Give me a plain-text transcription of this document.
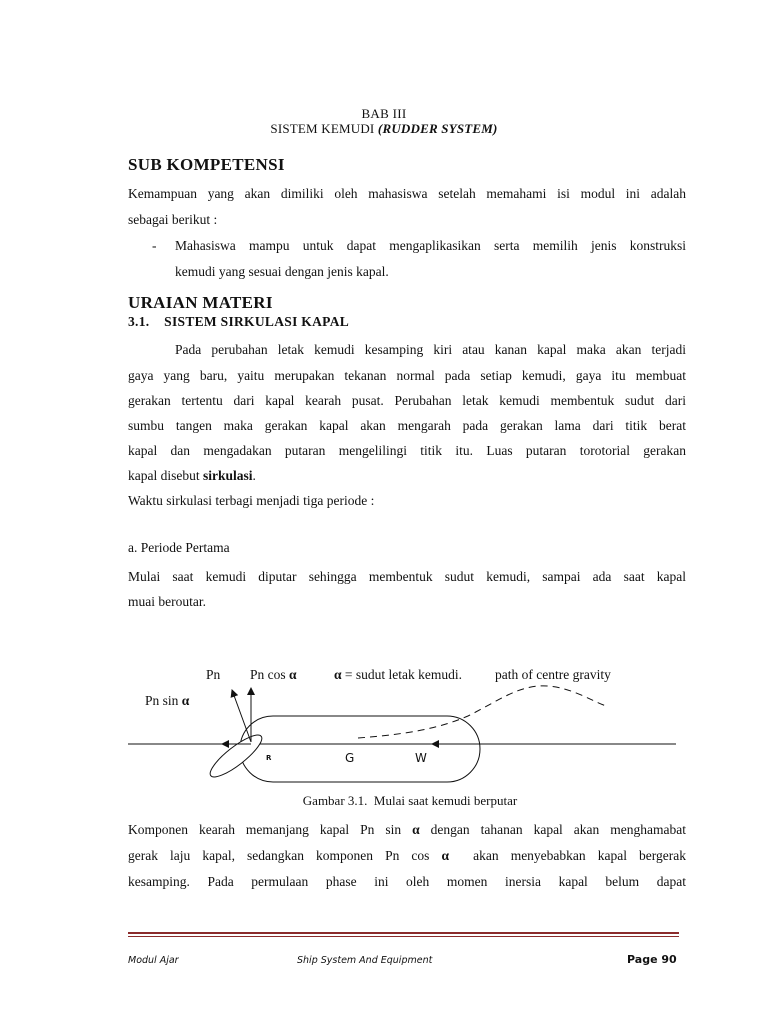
BAB III
SISTEM KEMUDI (RUDDER SYSTEM)
SUB KOMPETENSI
Kemampuan yang akan dimiliki oleh mahasiswa setelah memahami isi modul ini adalah
sebagai berikut :
- Mahasiswa mampu untuk dapat mengaplikasikan serta memilih jenis konstruksi
kemudi yang sesuai dengan jenis kapal.
URAIAN MATERI
3.1.    SISTEM SIRKULASI KAPAL
Pada perubahan letak kemudi kesamping kiri atau kanan kapal maka akan terjadi
gaya yang baru, yaitu merupakan tekanan normal pada setiap kemudi, gaya itu membuat
gerakan tertentu dari kapal kearah pusat. Perubahan letak kemudi membentuk sudut dari
sumbu tangen maka gerakan kapal akan mengarah pada gerakan lama dari titik berat
kapal dan mengadakan putaran mengelilingi titik itu. Luas putaran torotorial gerakan
kapal disebut sirkulasi.
Waktu sirkulasi terbagi menjadi tiga periode :
a. Periode Pertama
Mulai saat kemudi diputar sehingga membentuk sudut kemudi, sampai ada saat kapal
muai beroutar.
Pn Pn cos α	α = sudut letak kemudi. path of centre gravity
Pn sin α
R	G	W
Gambar 3.1.  Mulai saat kemudi berputar
Komponen kearah memanjang kapal Pn sin α dengan tahanan kapal akan menghamabat
gerak laju kapal, sedangkan komponen Pn cos α  akan menyebabkan kapal bergerak
kesamping. Pada permulaan phase ini oleh momen inersia kapal belum dapat
Modul Ajar	Ship System And Equipment	Page 90
